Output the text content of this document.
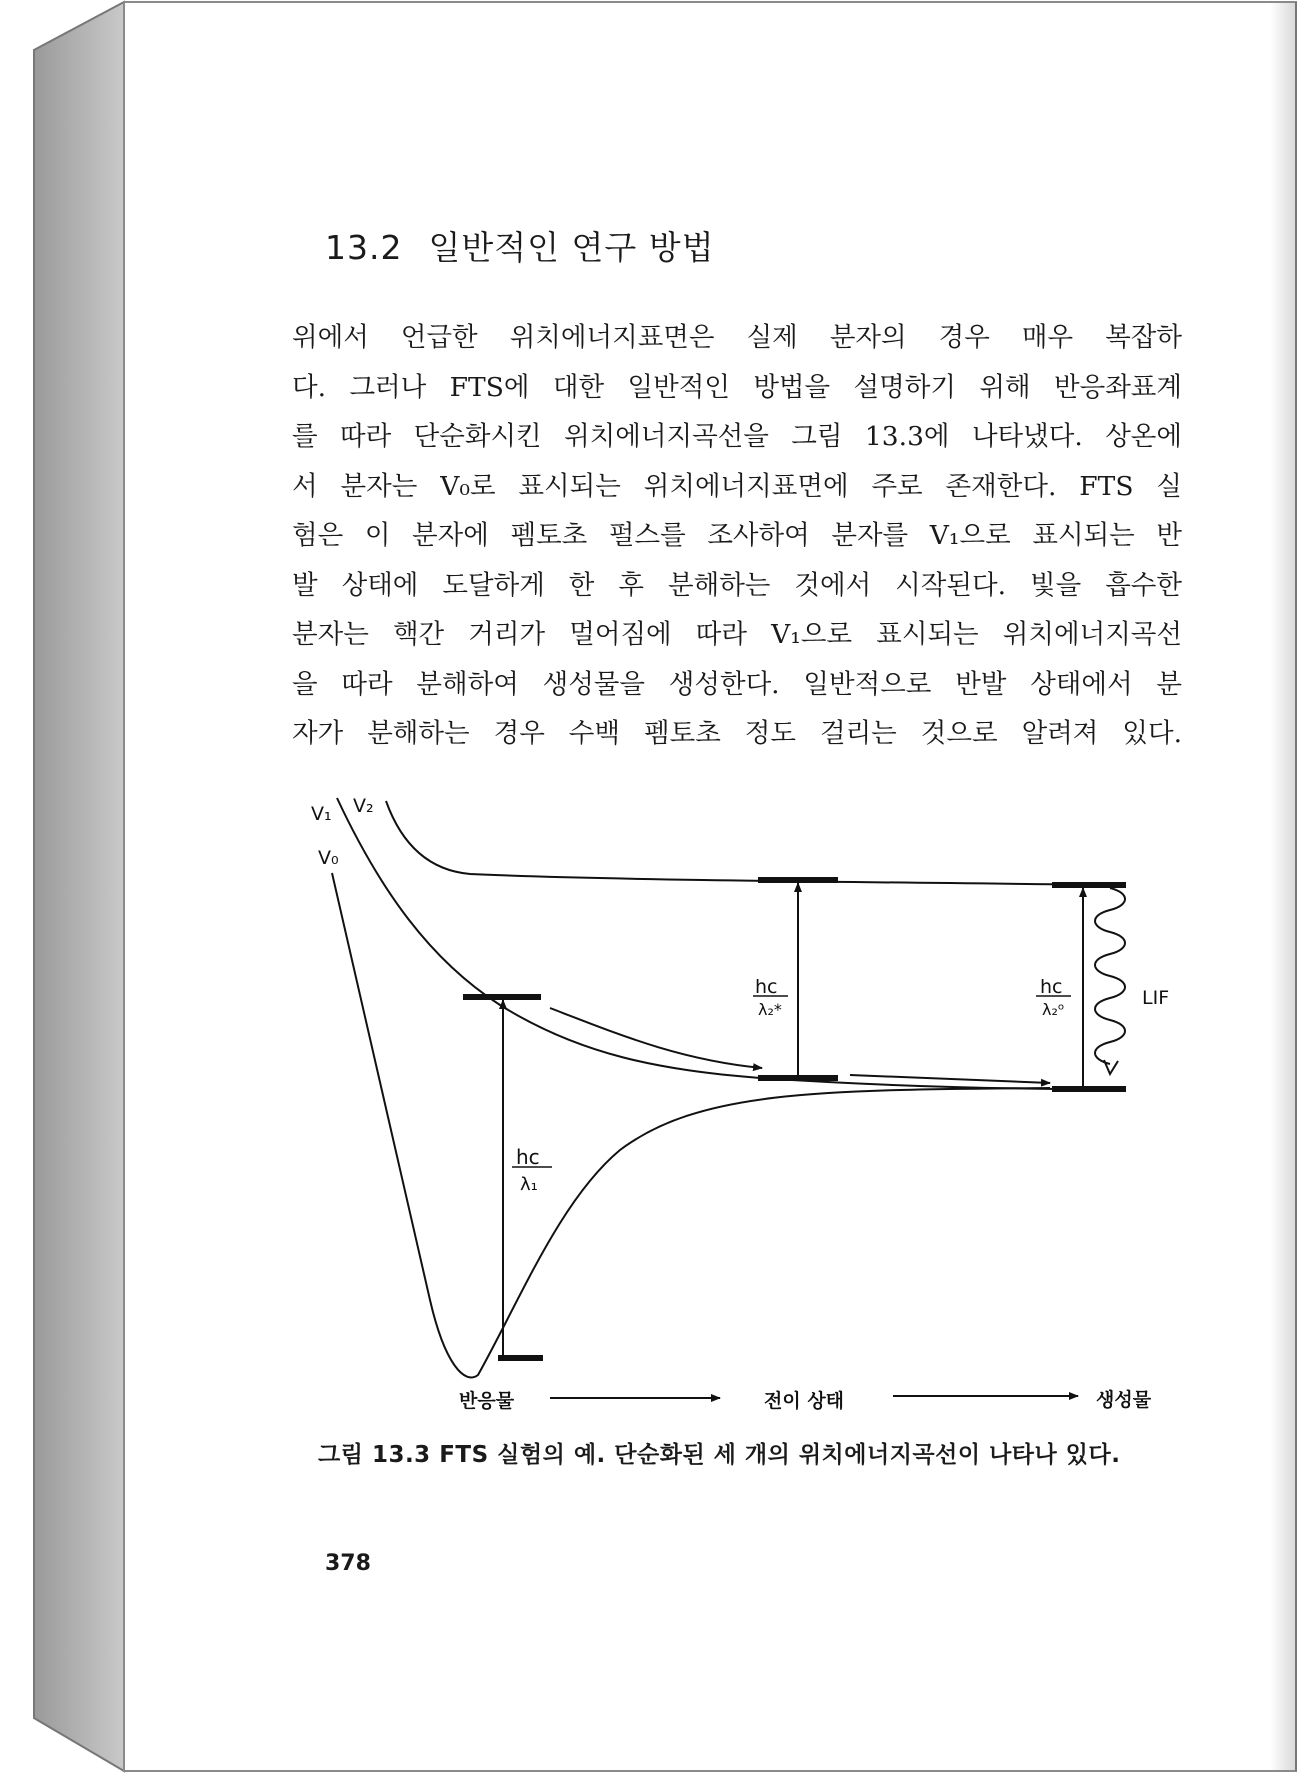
13.2 일반적인 연구 방법

위에서 언급한 위치에너지표면은 실제 분자의 경우 매우 복잡하

다. 그러나 FTS에 대한 일반적인 방법을 설명하기 위해 반응좌표계

를 따라 단순화시킨 위치에너지곡선을 그림 13.3에 나타냈다. 상온에

서 분자는 V₀로 표시되는 위치에너지표면에 주로 존재한다. FTS 실

험은 이 분자에 펨토초 펄스를 조사하여 분자를 V₁으로 표시되는 반

발 상태에 도달하게 한 후 분해하는 것에서 시작된다. 빛을 흡수한

분자는 핵간 거리가 멀어짐에 따라 V₁으로 표시되는 위치에너지곡선

을 따라 분해하여 생성물을 생성한다. 일반적으로 반발 상태에서 분

자가 분해하는 경우 수백 펨토초 정도 걸리는 것으로 알려져 있다.

V₁ V₂
V₀
hc
λ₁
hc
λ₂*
hc
λ₂ᵒ
LIF
반응물	전이 상태	생성물
그림 13.3 FTS 실험의 예. 단순화된 세 개의 위치에너지곡선이 나타나 있다.
378
